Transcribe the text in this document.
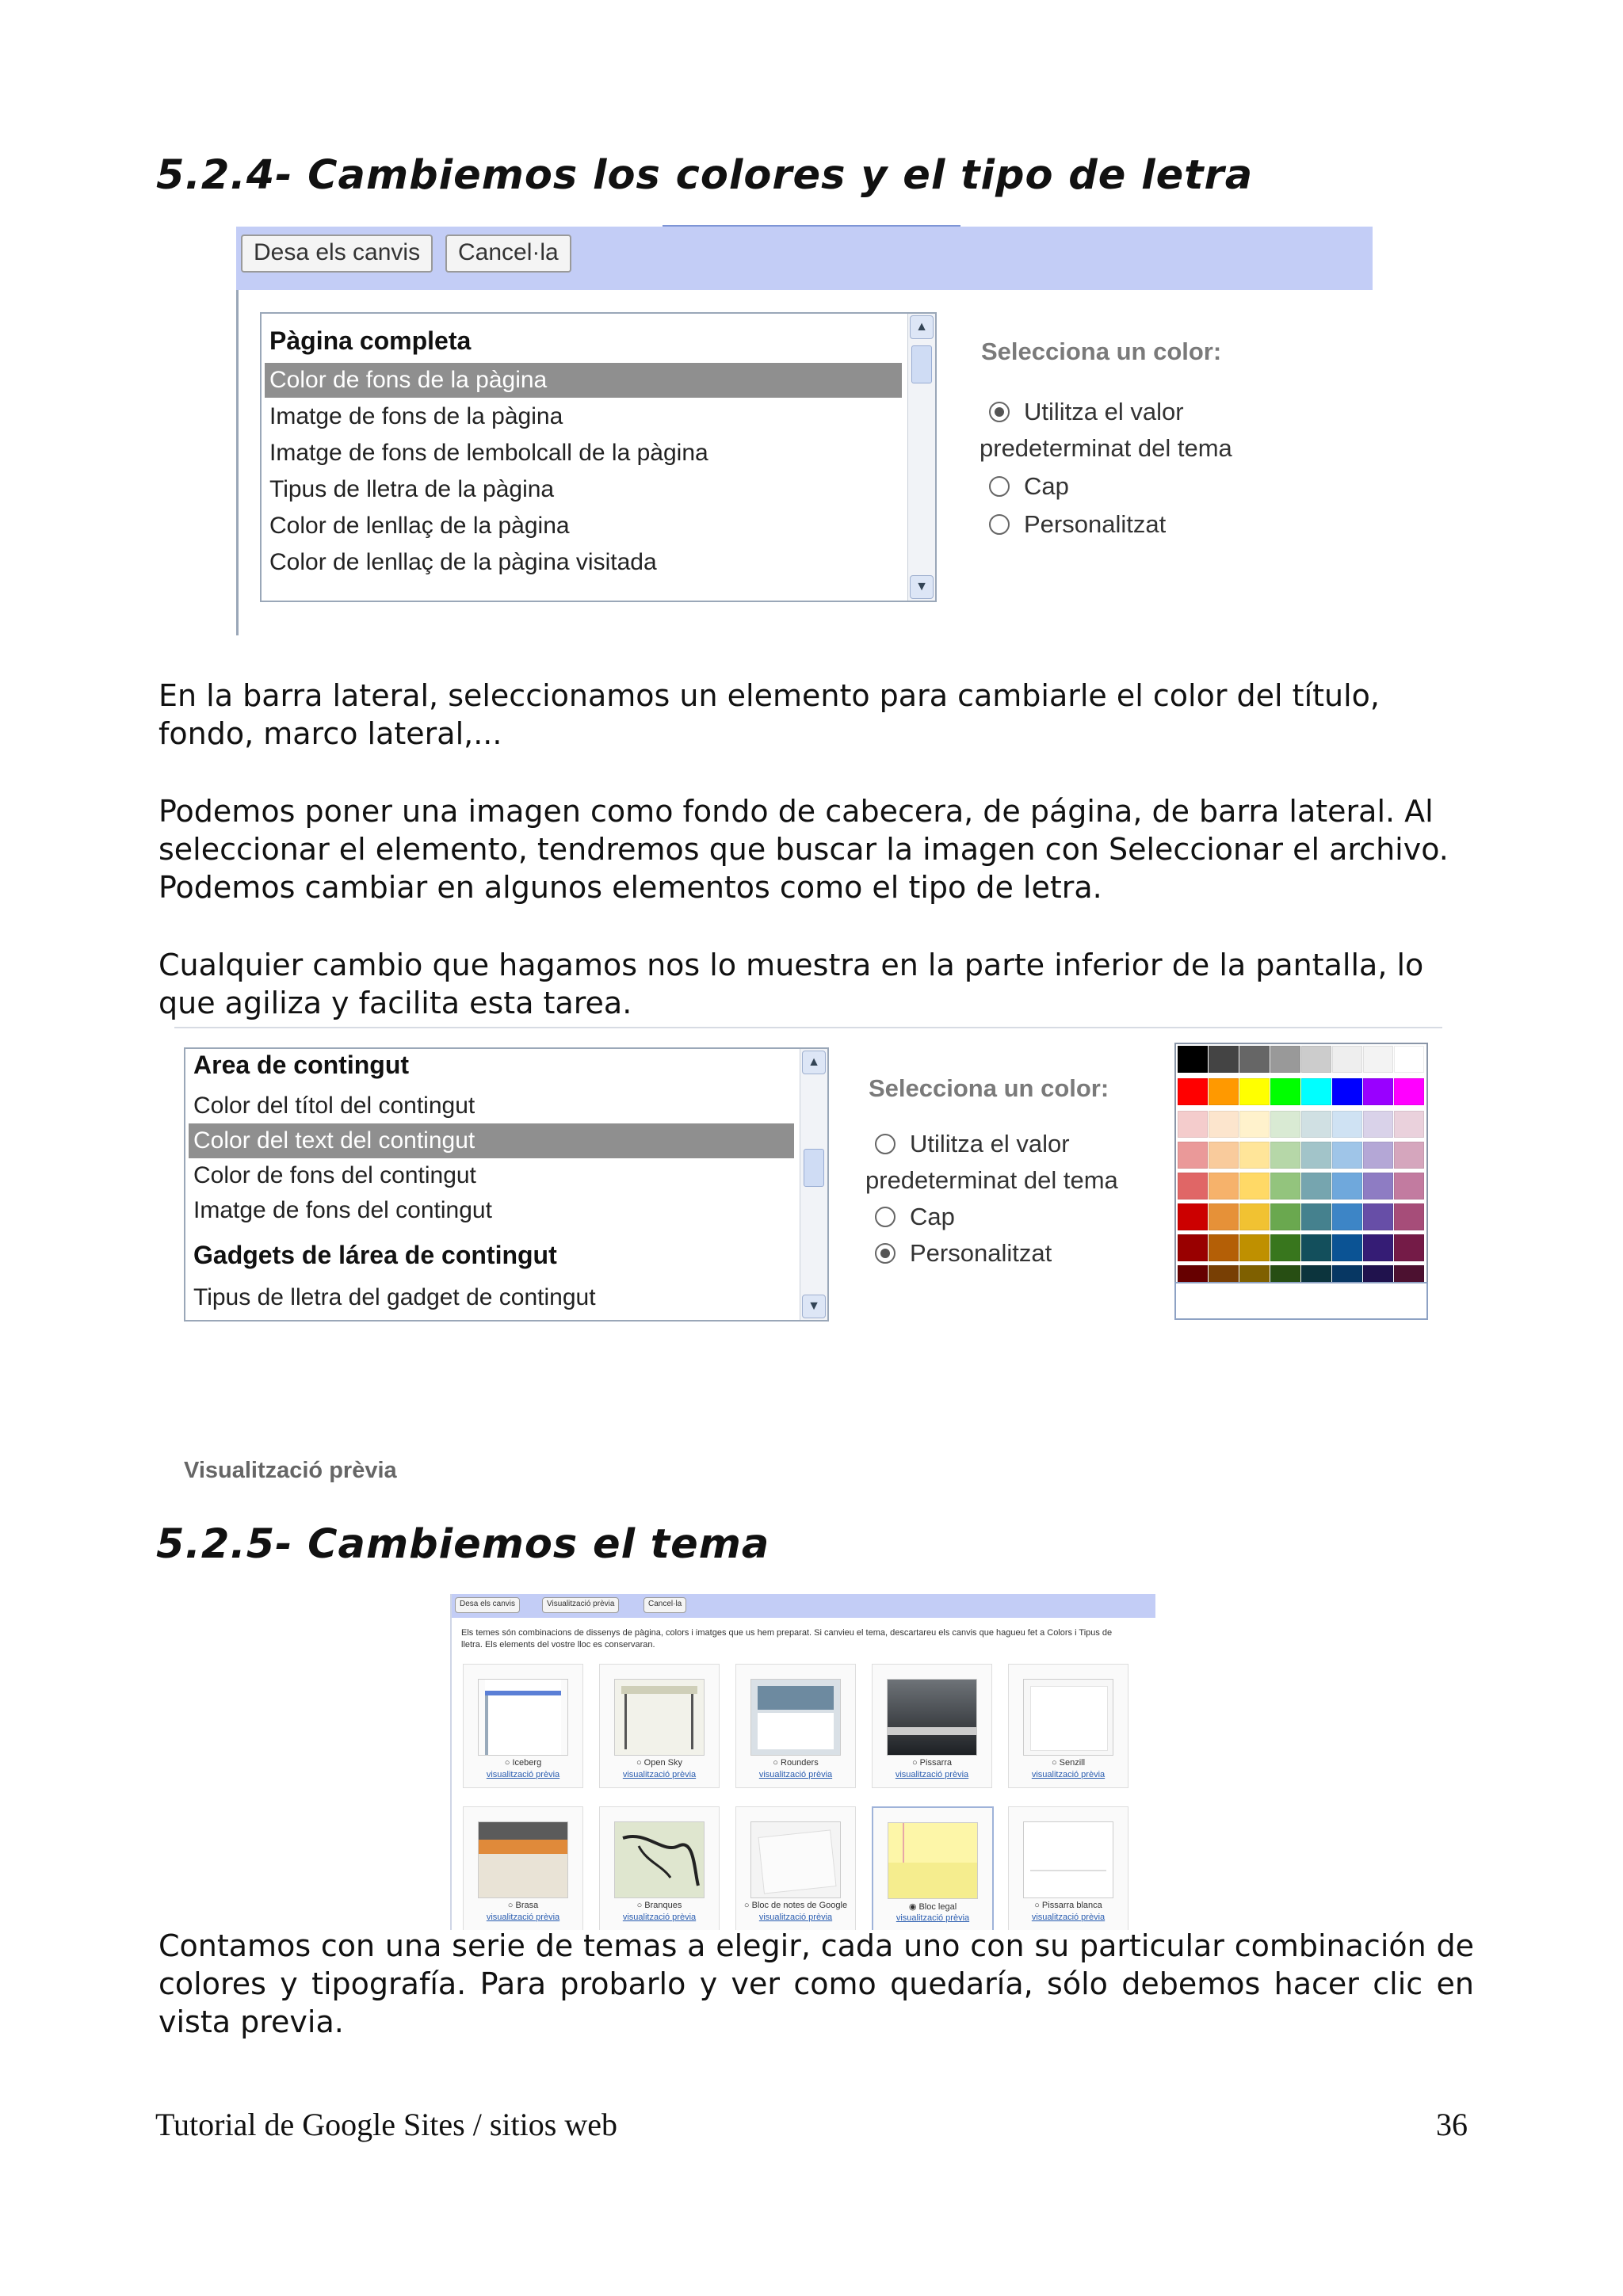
5.2.4- Cambiemos los colores y el tipo de letra
Desa els canvis	Cancel·la
Pàgina completa
Color de fons de la pàgina
Imatge de fons de la pàgina
Imatge de fons de lembolcall de la pàgina
Tipus de lletra de la pàgina
Color de lenllaç de la pàgina
Color de lenllaç de la pàgina visitada
▲
▼
Selecciona un color:
Utilitza el valor
predeterminat del tema
Cap
Personalitzat

En la barra lateral, seleccionamos un elemento para cambiarle el color del título, fondo, marco lateral,...

Podemos poner una imagen como fondo de cabecera, de página, de barra lateral. Al seleccionar el elemento, tendremos que buscar la imagen con Seleccionar el archivo. Podemos cambiar en algunos elementos como el tipo de letra.

Cualquier cambio que hagamos nos lo muestra en la parte inferior de la pantalla, lo que agiliza y facilita esta tarea.

Area de contingut
Color del títol del contingut
Color del text del contingut
Color de fons del contingut
Imatge de fons del contingut
Gadgets de lárea de contingut
Tipus de lletra del gadget de contingut
▲
▼
Selecciona un color:
Utilitza el valor
predeterminat del tema
Cap
Personalitzat
Visualització prèvia
5.2.5- Cambiemos el tema
Desa els canvis	Visualització prèvia	Cancel·la
Els temes són combinacions de dissenys de pàgina, colors i imatges que us hem preparat. Si canvieu el tema, descartareu els canvis que hagueu fet a Colors i Tipus de lletra. Els elements del vostre lloc es conservaran.
○ Iceberg
visualització prèvia
○ Open Sky
visualització prèvia
○ Rounders
visualització prèvia
○ Pissarra
visualització prèvia
○ Senzill
visualització prèvia
○ Brasa
visualització prèvia
○ Branques
visualització prèvia
○ Bloc de notes de Google
visualització prèvia
◉ Bloc legal
visualització prèvia
○ Pissarra blanca
visualització prèvia

Contamos con una serie de temas a elegir, cada uno con su particular combinación de colores y tipografía. Para probarlo y ver como quedaría, sólo debemos hacer clic en vista previa.

Tutorial de Google Sites / sitios web	36
